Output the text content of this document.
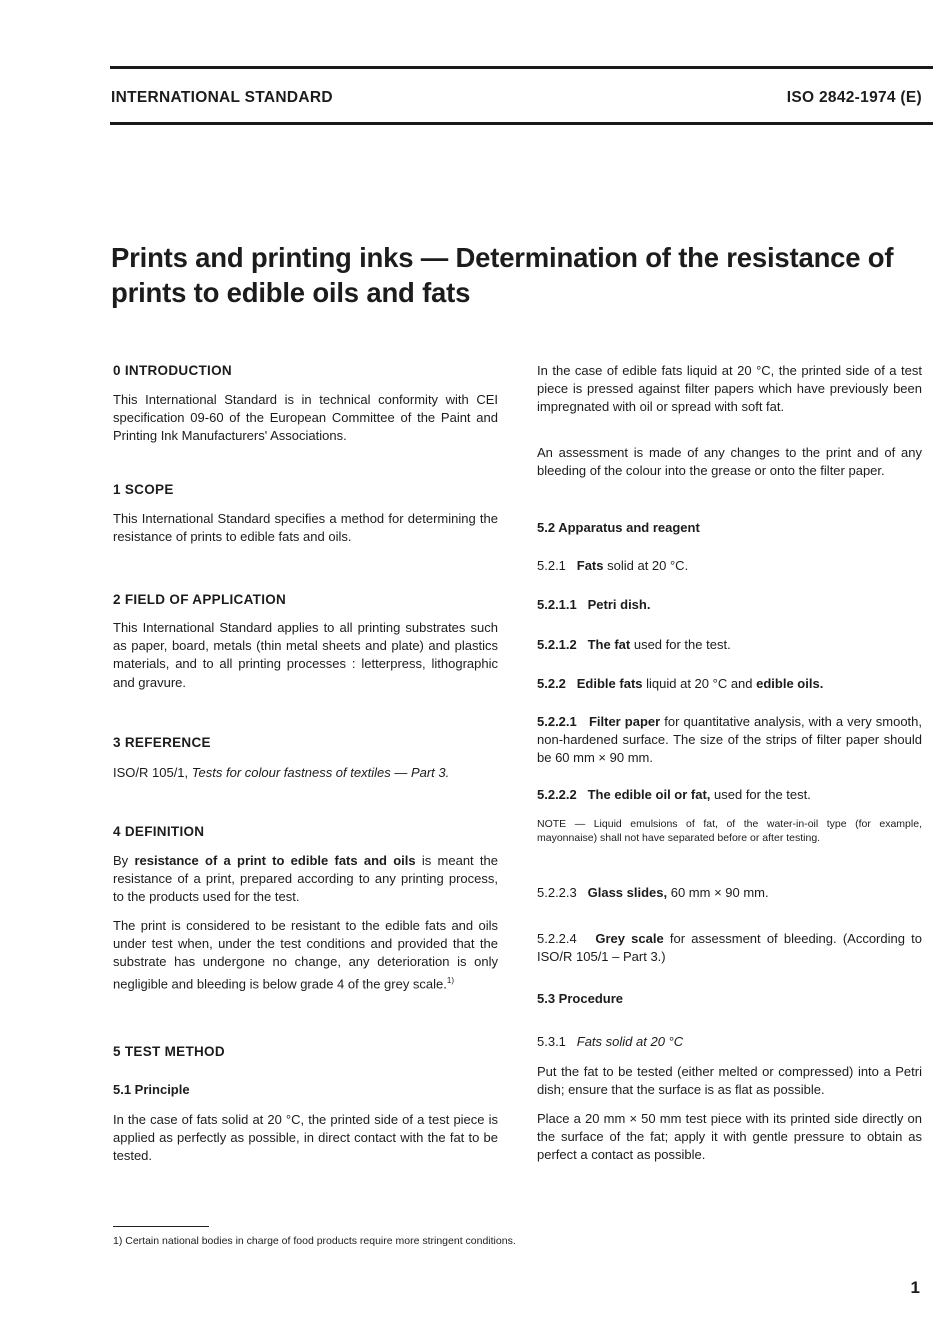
INTERNATIONAL STANDARD	ISO 2842-1974 (E)
Prints and printing inks — Determination of the resistance of prints to edible oils and fats
0 INTRODUCTION

This International Standard is in technical conformity with CEI specification 09-60 of the European Committee of the Paint and Printing Ink Manufacturers' Associations.

1 SCOPE

This International Standard specifies a method for determining the resistance of prints to edible fats and oils.

2 FIELD OF APPLICATION

This International Standard applies to all printing substrates such as paper, board, metals (thin metal sheets and plate) and plastics materials, and to all printing processes : letterpress, lithographic and gravure.

3 REFERENCE

ISO/R 105/1, Tests for colour fastness of textiles — Part 3.

4 DEFINITION

By resistance of a print to edible fats and oils is meant the resistance of a print, prepared according to any printing process, to the products used for the test.

The print is considered to be resistant to the edible fats and oils under test when, under the test conditions and provided that the substrate has undergone no change, any deterioration is only negligible and bleeding is below grade 4 of the grey scale.$^{1)}$

5 TEST METHOD
5.1 Principle

In the case of fats solid at 20 °C, the printed side of a test piece is applied as perfectly as possible, in direct contact with the fat to be tested.

In the case of edible fats liquid at 20 °C, the printed side of a test piece is pressed against filter papers which have previously been impregnated with oil or spread with soft fat.

An assessment is made of any changes to the print and of any bleeding of the colour into the grease or onto the filter paper.

5.2 Apparatus and reagent

5.2.1 Fats solid at 20 °C.

5.2.1.1 Petri dish.

5.2.1.2 The fat used for the test.

5.2.2 Edible fats liquid at 20 °C and edible oils.

5.2.2.1 Filter paper for quantitative analysis, with a very smooth, non-hardened surface. The size of the strips of filter paper should be 60 mm × 90 mm.

5.2.2.2 The edible oil or fat, used for the test.

NOTE — Liquid emulsions of fat, of the water-in-oil type (for example, mayonnaise) shall not have separated before or after testing.

5.2.2.3 Glass slides, 60 mm × 90 mm.

5.2.2.4 Grey scale for assessment of bleeding. (According to ISO/R 105/1 – Part 3.)

5.3 Procedure

5.3.1 Fats solid at 20 °C

Put the fat to be tested (either melted or compressed) into a Petri dish; ensure that the surface is as flat as possible.

Place a 20 mm × 50 mm test piece with its printed side directly on the surface of the fat; apply it with gentle pressure to obtain as perfect a contact as possible.

1) Certain national bodies in charge of food products require more stringent conditions.
1
